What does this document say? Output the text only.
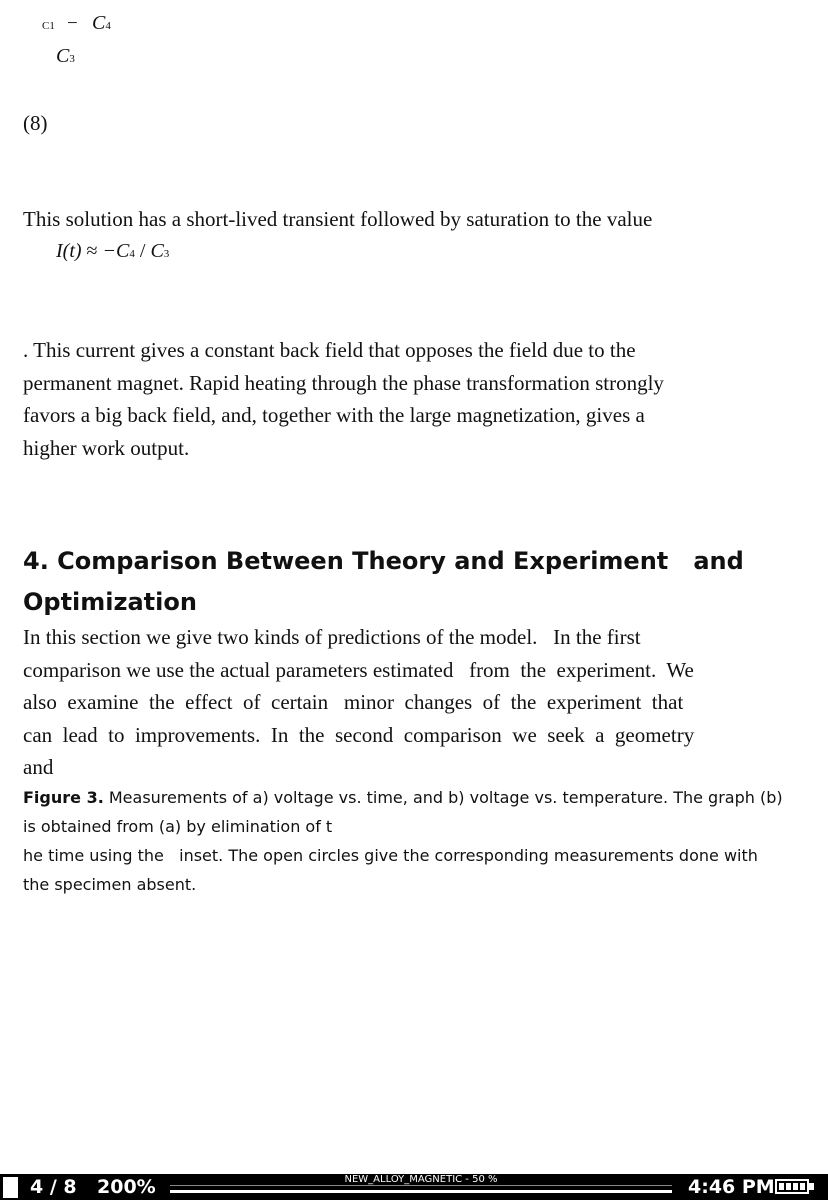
C1 − C4
C3
(8)
This solution has a short-lived transient followed by saturation to the value
I(t) ≈ −C4 / C3
. This current gives a constant back field that opposes the field due to the
permanent magnet. Rapid heating through the phase transformation strongly
favors a big back field, and, together with the large magnetization, gives a
higher work output.
4. Comparison Between Theory and Experiment   and
Optimization
In this section we give two kinds of predictions of the model.   In the first
comparison we use the actual parameters estimated   from  the  experiment.  We
also  examine  the  effect  of  certain   minor  changes  of  the  experiment  that
can  lead  to  improvements.  In  the  second  comparison  we  seek  a  geometry
and
Figure 3. Measurements of a) voltage vs. time, and b) voltage vs. temperature. The graph (b)
is obtained from (a) by elimination of t
he time using the   inset. The open circles give the corresponding measurements done with
the specimen absent.
4 / 8 200%	NEW_ALLOY_MAGNETIC - 50 %	4:46 PM
